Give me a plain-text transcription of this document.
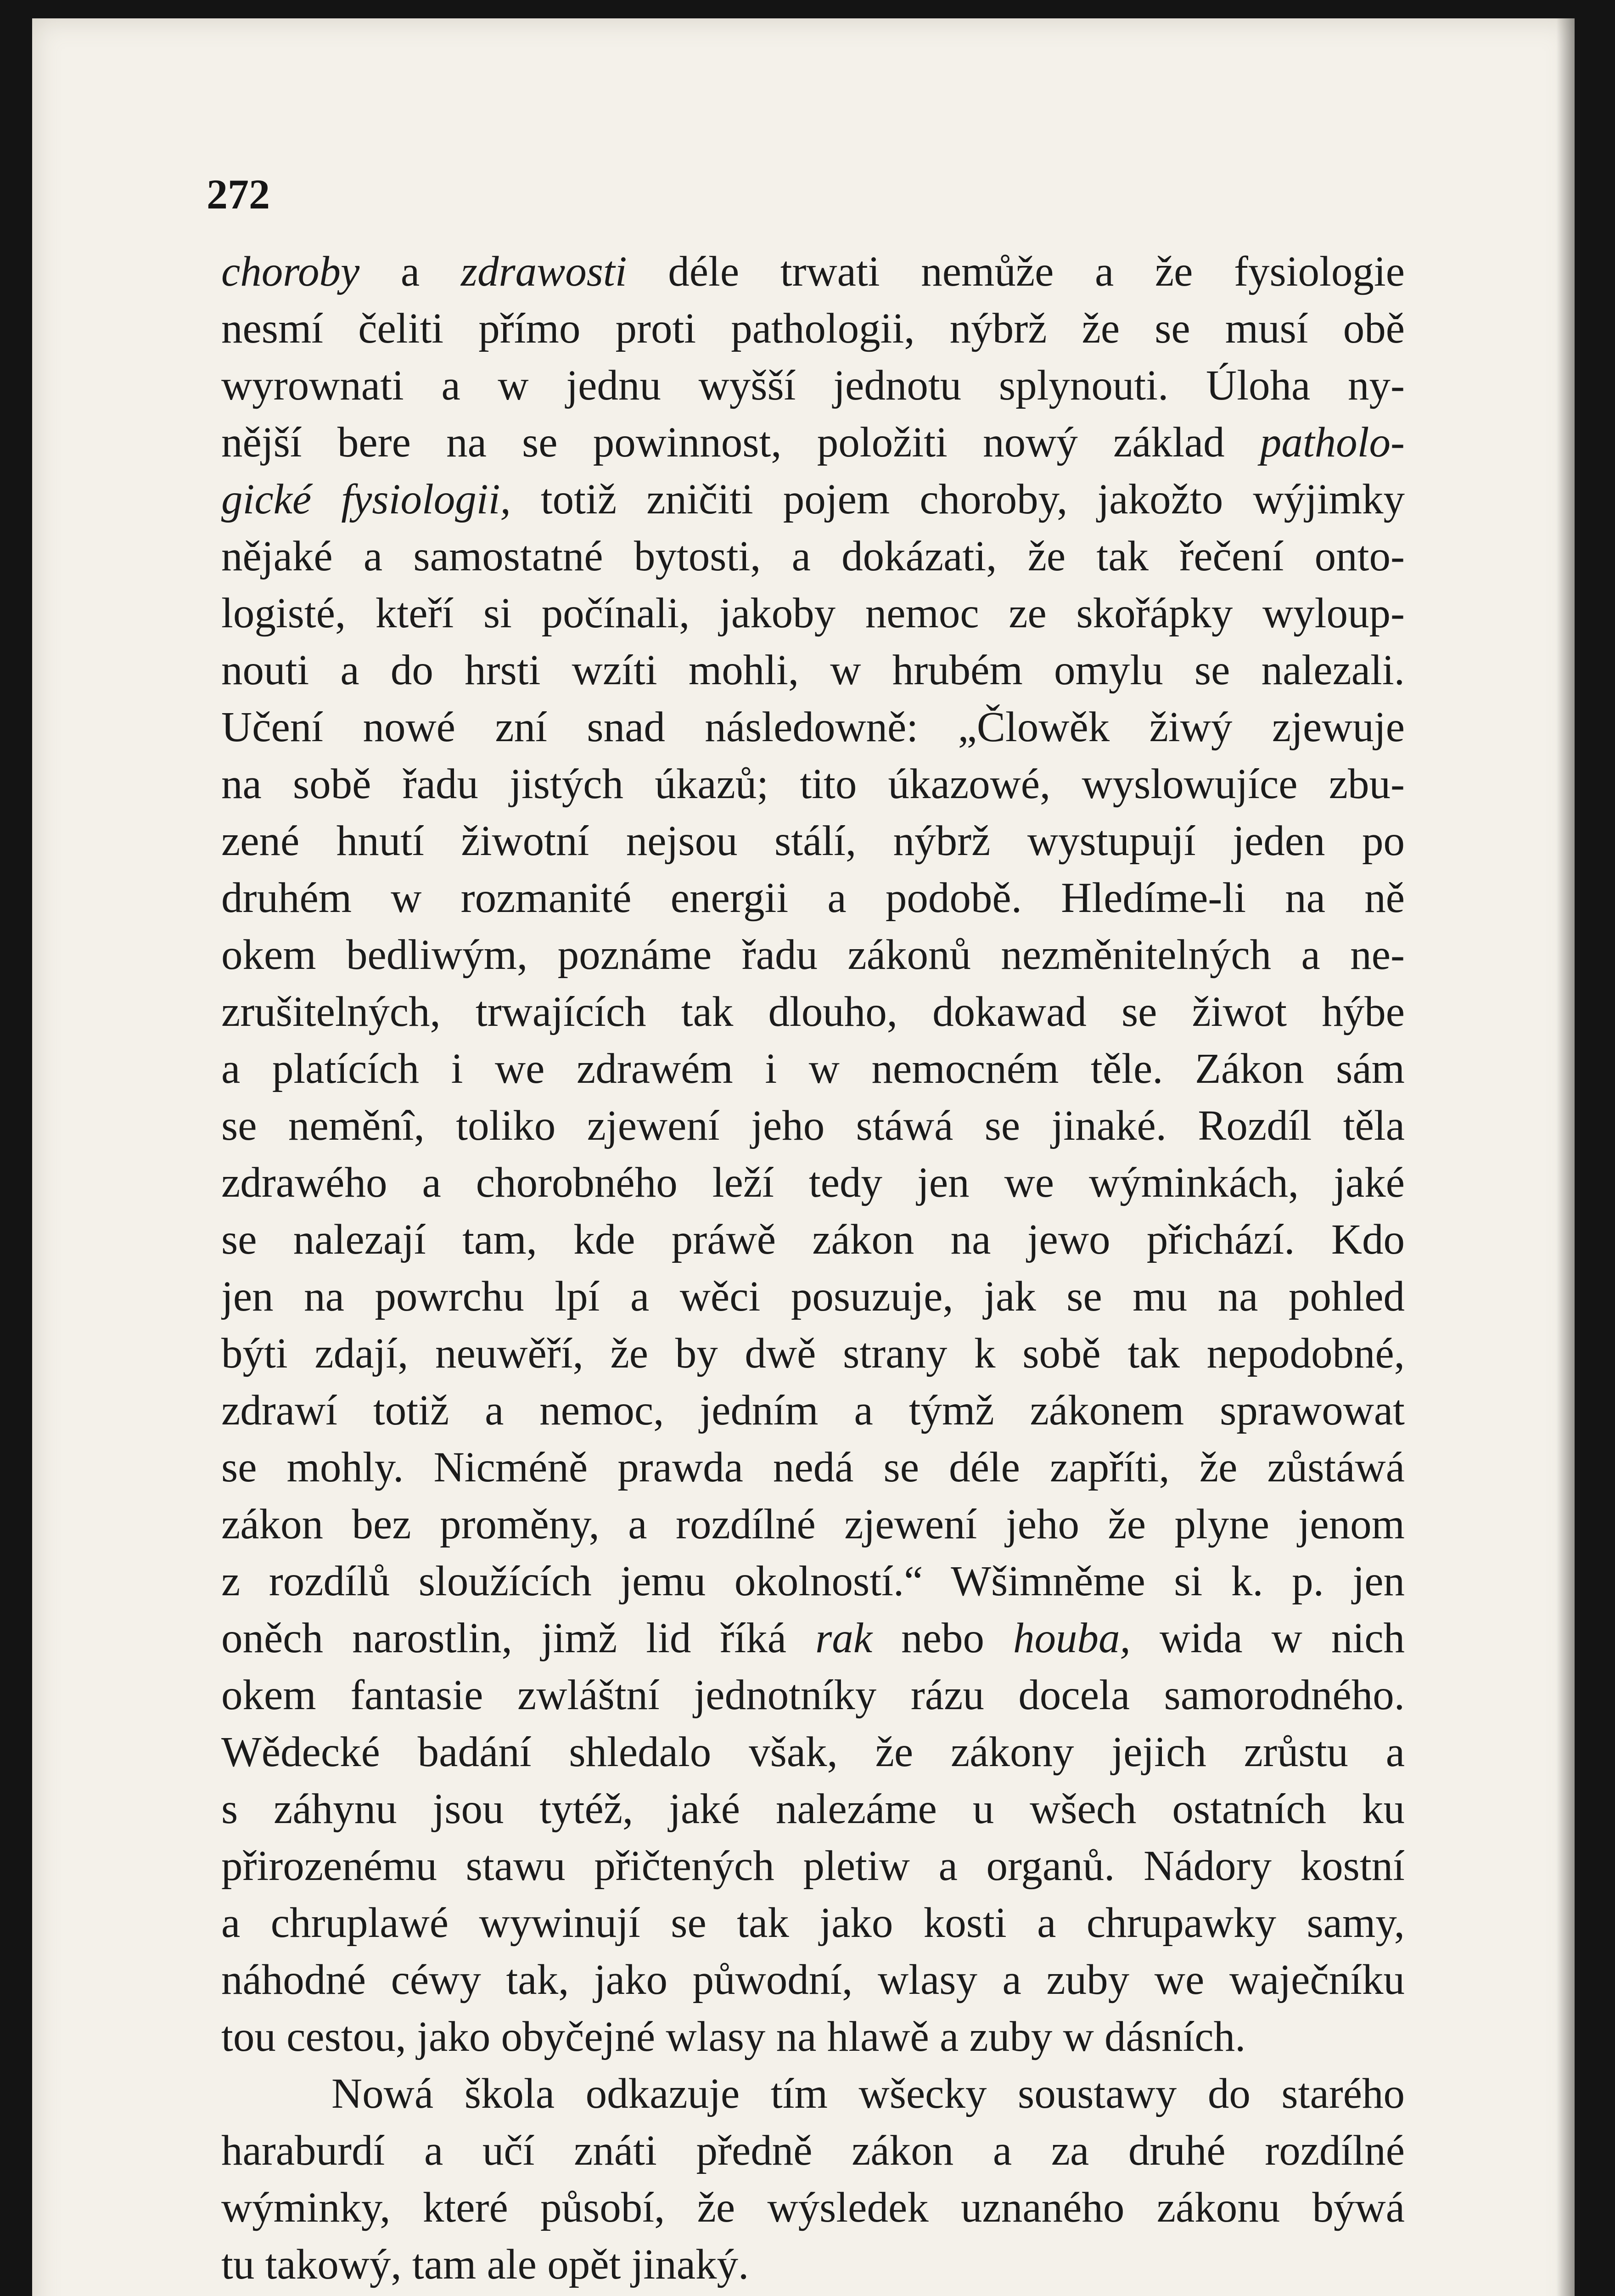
272

choroby a zdrawosti déle trwati nemůže a že fysiologie
nesmí čeliti přímo proti pathologii, nýbrž že se musí obě
wyrownati a w jednu wyšší jednotu splynouti. Úloha ny-
nější bere na se powinnost, položiti nowý základ patholo-
gické fysiologii, totiž zničiti pojem choroby, jakožto wýjimky
nějaké a samostatné bytosti, a dokázati, že tak řečení onto-
logisté, kteří si počínali, jakoby nemoc ze skořápky wyloup-
nouti a do hrsti wzíti mohli, w hrubém omylu se nalezali.
Učení nowé zní snad následowně: „Člowěk žiwý zjewuje
na sobě řadu jistých úkazů; tito úkazowé, wyslowujíce zbu-
zené hnutí žiwotní nejsou stálí, nýbrž wystupují jeden po
druhém w rozmanité energii a podobě. Hledíme-li na ně
okem bedliwým, poznáme řadu zákonů nezměnitelných a ne-
zrušitelných, trwajících tak dlouho, dokawad se žiwot hýbe
a platících i we zdrawém i w nemocném těle. Zákon sám
se neměnî, toliko zjewení jeho stáwá se jinaké. Rozdíl těla
zdrawého a chorobného leží tedy jen we wýminkách, jaké
se nalezají tam, kde práwě zákon na jewo přichází. Kdo
jen na powrchu lpí a wěci posuzuje, jak se mu na pohled
býti zdají, neuwěří, že by dwě strany k sobě tak nepodobné,
zdrawí totiž a nemoc, jedním a týmž zákonem sprawowat
se mohly. Nicméně prawda nedá se déle zapříti, že zůstáwá
zákon bez proměny, a rozdílné zjewení jeho že plyne jenom
z rozdílů sloužících jemu okolností.“ Wšimněme si k. p. jen
oněch narostlin, jimž lid říká rak nebo houba, wida w nich
okem fantasie zwláštní jednotníky rázu docela samorodného.
Wědecké badání shledalo však, že zákony jejich zrůstu a
s záhynu jsou tytéž, jaké nalezáme u wšech ostatních ku
přirozenému stawu přičtených pletiw a organů. Nádory kostní
a chruplawé wywinují se tak jako kosti a chrupawky samy,
náhodné céwy tak, jako půwodní, wlasy a zuby we waječníku
tou cestou, jako obyčejné wlasy na hlawě a zuby w dásních.
Nowá škola odkazuje tím wšecky soustawy do starého
haraburdí a učí znáti předně zákon a za druhé rozdílné
wýminky, které působí, že wýsledek uznaného zákonu býwá
tu takowý, tam ale opět jinaký.
